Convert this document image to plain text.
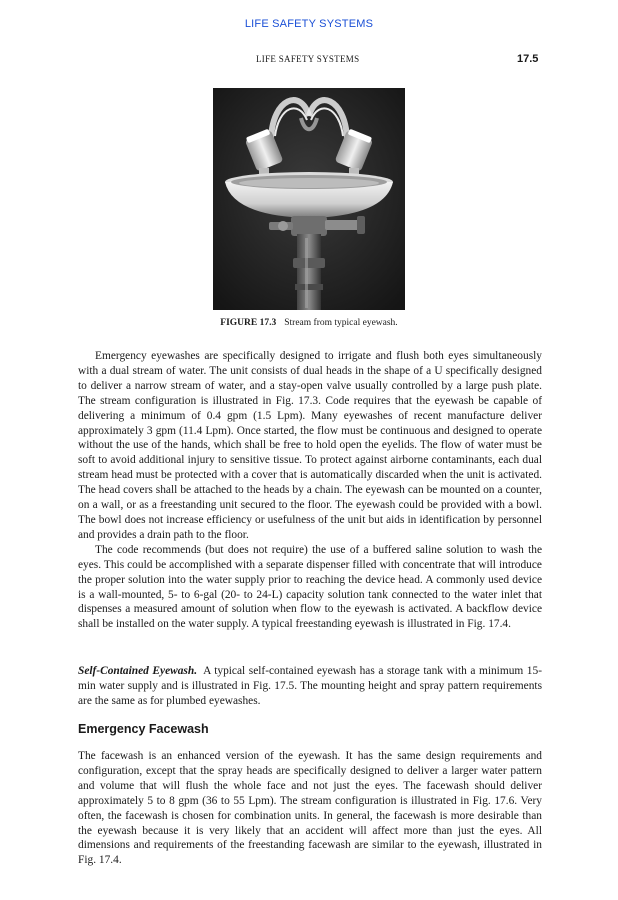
LIFE SAFETY SYSTEMS
LIFE SAFETY SYSTEMS	17.5
FIGURE 17.3 Stream from typical eyewash.

Emergency eyewashes are specifically designed to irrigate and flush both eyes simultaneously with a dual stream of water. The unit consists of dual heads in the shape of a U specifically designed to deliver a narrow stream of water, and a stay-open valve usually controlled by a large push plate. The stream configuration is illustrated in Fig. 17.3. Code requires that the eyewash be capable of delivering a minimum of 0.4 gpm (1.5 Lpm). Many eyewashes of recent manufacture deliver approximately 3 gpm (11.4 Lpm). Once started, the flow must be continuous and designed to operate without the use of the hands, which shall be free to hold open the eyelids. The flow of water must be soft to avoid additional injury to sensitive tissue. To protect against airborne contaminants, each dual stream head must be protected with a cover that is automatically discarded when the unit is activated. The head covers shall be attached to the heads by a chain. The eyewash can be mounted on a counter, on a wall, or as a freestanding unit secured to the floor. The eyewash could be provided with a bowl. The bowl does not increase efficiency or usefulness of the unit but aids in identification by personnel and provides a drain path to the floor.

The code recommends (but does not require) the use of a buffered saline solution to wash the eyes. This could be accomplished with a separate dispenser filled with concentrate that will introduce the proper solution into the water supply prior to reaching the device head. A commonly used device is a wall-mounted, 5- to 6-gal (20- to 24-L) capacity solution tank connected to the water inlet that dispenses a measured amount of solution when flow to the eyewash is activated. A backflow device shall be installed on the water supply. A typical freestanding eyewash is illustrated in Fig. 17.4.

Self-Contained Eyewash. A typical self-contained eyewash has a storage tank with a minimum 15-min water supply and is illustrated in Fig. 17.5. The mounting height and spray pattern requirements are the same as for plumbed eyewashes.

Emergency Facewash

The facewash is an enhanced version of the eyewash. It has the same design requirements and configuration, except that the spray heads are specifically designed to deliver a larger water pattern and volume that will flush the whole face and not just the eyes. The facewash should deliver approximately 5 to 8 gpm (36 to 55 Lpm). The stream configuration is illustrated in Fig. 17.6. Very often, the facewash is chosen for combination units. In general, the facewash is more desirable than the eyewash because it is very likely that an accident will affect more than just the eyes. All dimensions and requirements of the freestanding facewash are similar to the eyewash, illustrated in Fig. 17.4.
